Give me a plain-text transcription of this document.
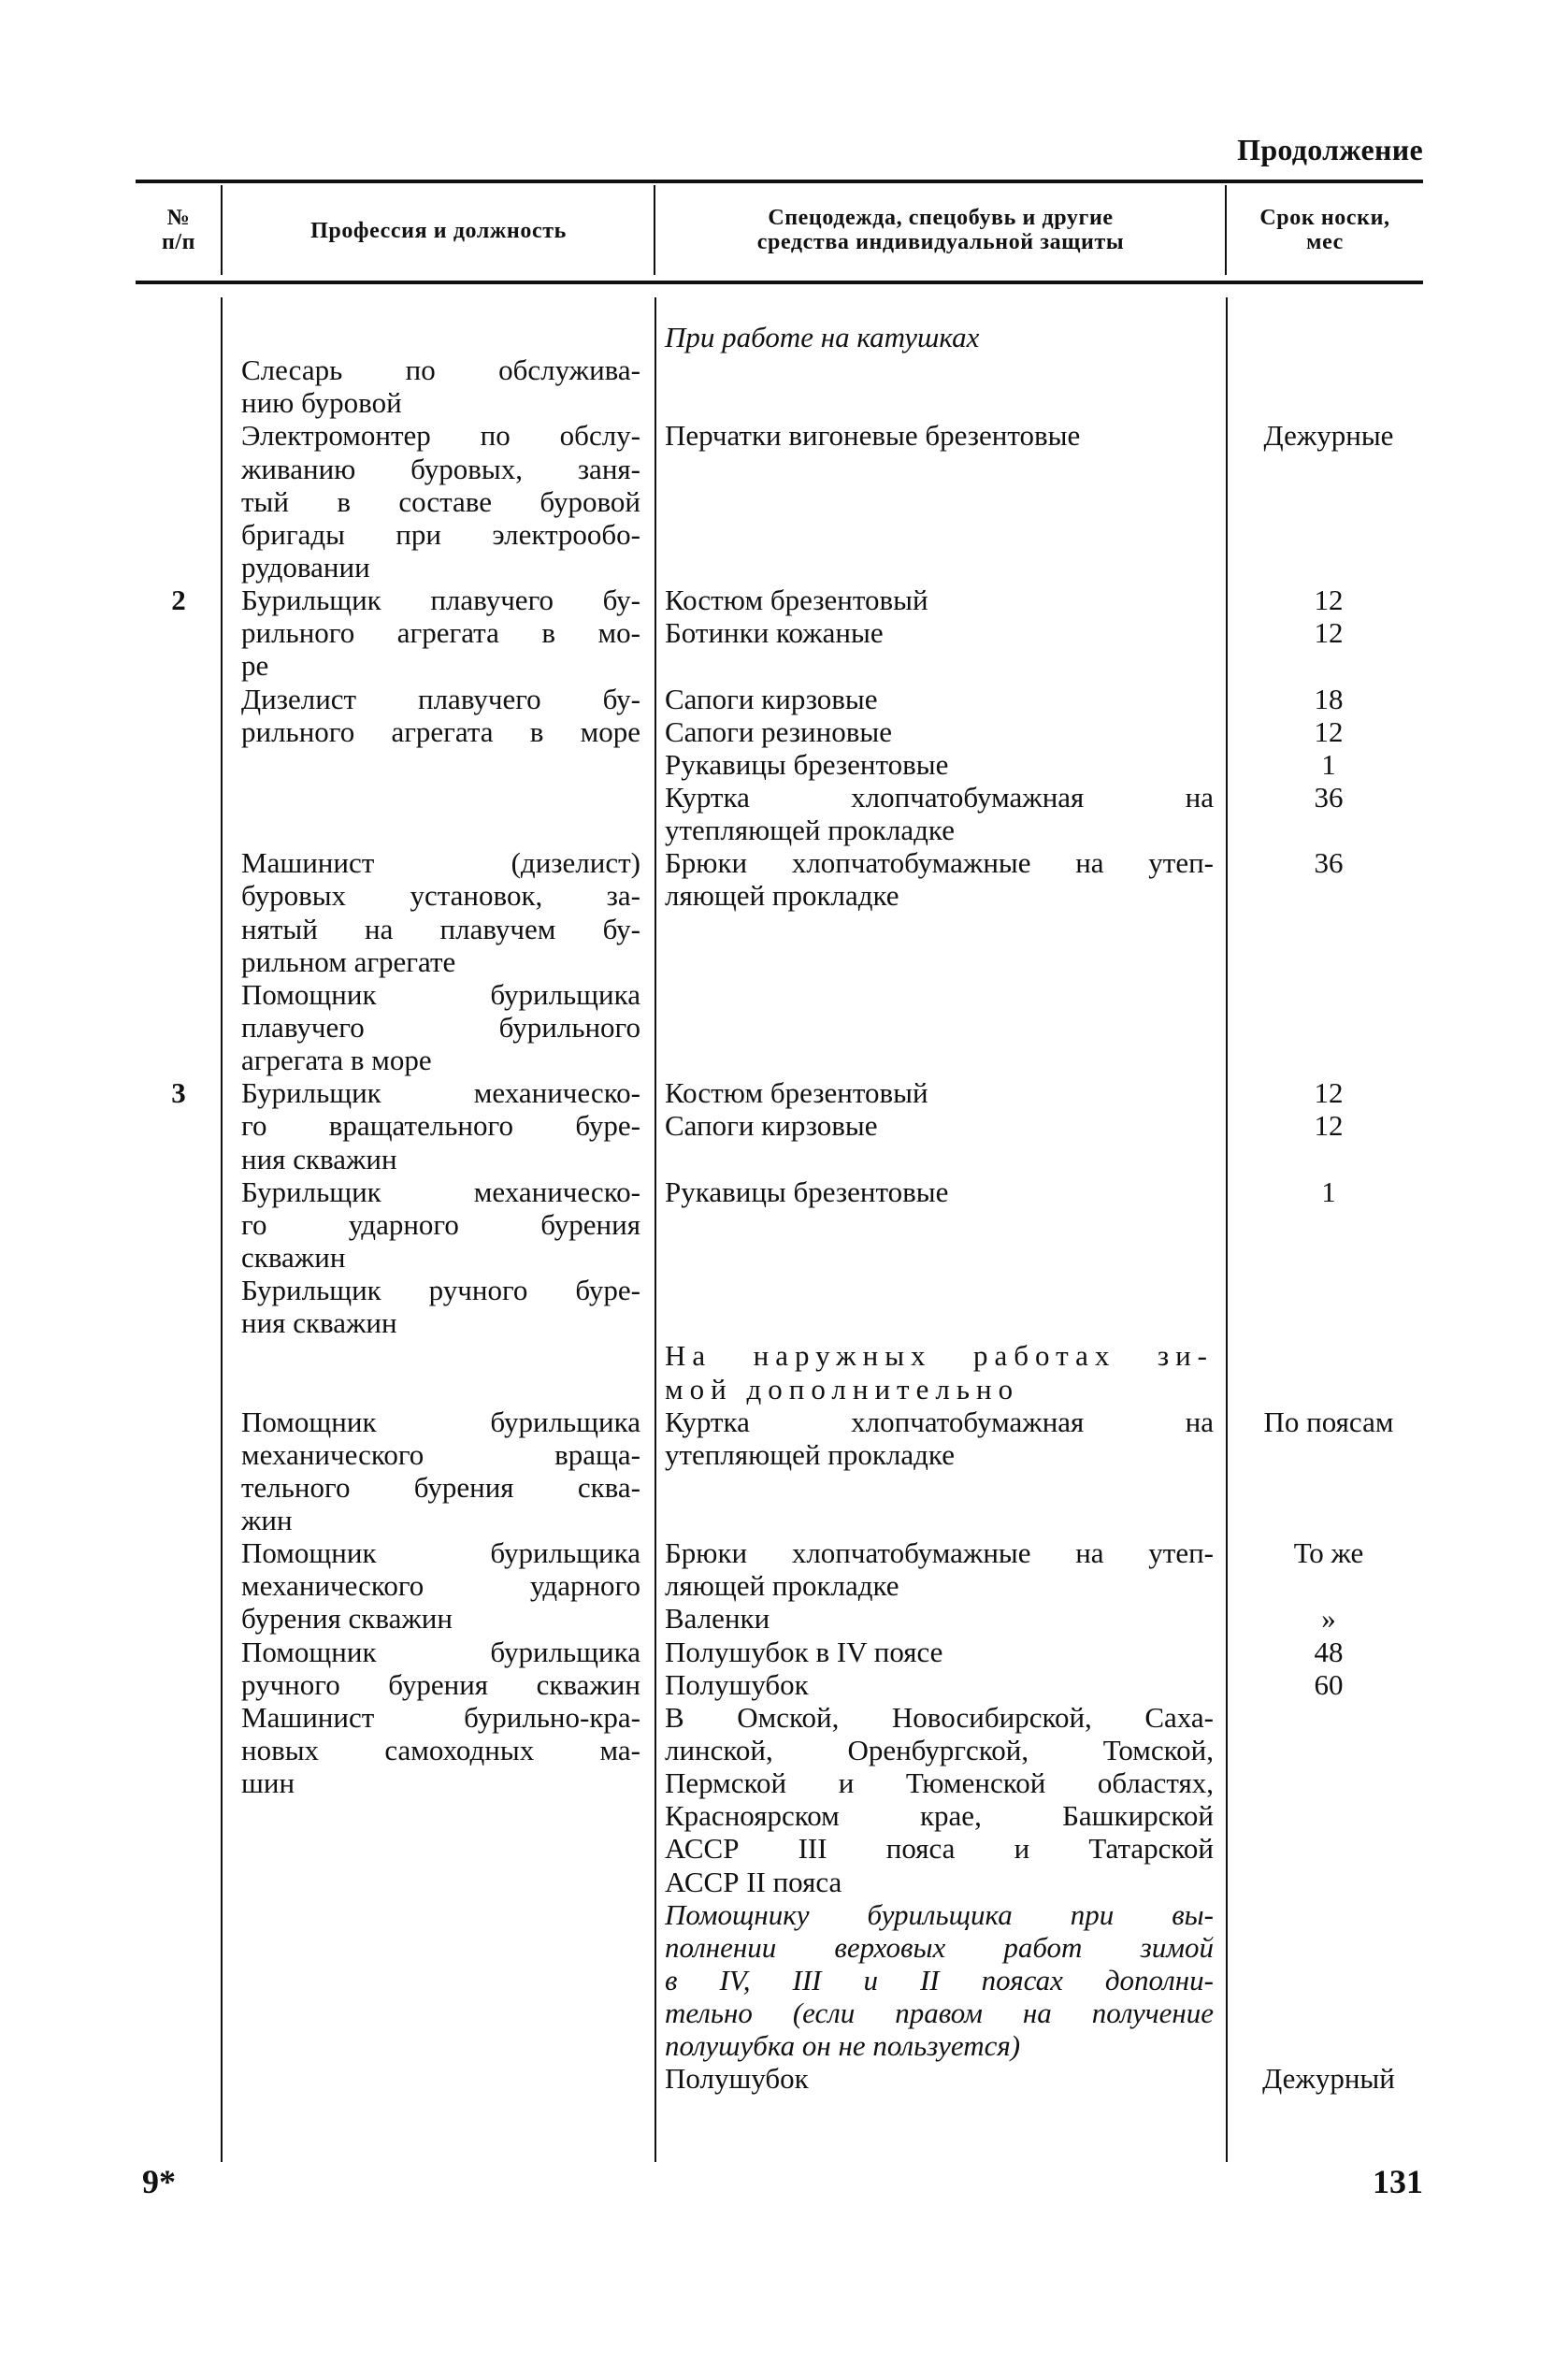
Продолжение
№
п/п	Профессия и должность
Спецодежда, спецобувь и другие
средства индивидуальной защиты
Срок носки,
мес
2
3
Слесарь по обслужива-
нию буровой
Электромонтер по обслу-
живанию буровых, заня-
тый в составе буровой
бригады при электрообо-
рудовании
Бурильщик плавучего бу-
рильного агрегата в мо-
ре
Дизелист плавучего бу-
рильного агрегата в море
Машинист (дизелист)
буровых установок, за-
нятый на плавучем бу-
рильном агрегате
Помощник бурильщика
плавучего бурильного
агрегата в море
Бурильщик механическо-
го вращательного буре-
ния скважин
Бурильщик механическо-
го ударного бурения
скважин
Бурильщик ручного буре-
ния скважин
Помощник бурильщика
механического враща-
тельного бурения сква-
жин
Помощник бурильщика
механического ударного
бурения скважин
Помощник бурильщика
ручного бурения скважин
Машинист бурильно-кра-
новых самоходных ма-
шин
При работе на катушках
Перчатки вигоневые брезентовые
Костюм брезентовый
Ботинки кожаные
Сапоги кирзовые
Сапоги резиновые
Рукавицы брезентовые
Куртка хлопчатобумажная на
утепляющей прокладке
Брюки хлопчатобумажные на утеп-
ляющей прокладке
Костюм брезентовый
Сапоги кирзовые
Рукавицы брезентовые
На наружных работах зи-
мой дополнительно
Куртка хлопчатобумажная на
утепляющей прокладке
Брюки хлопчатобумажные на утеп-
ляющей прокладке
Валенки
Полушубок в IV поясе
Полушубок
В Омской, Новосибирской, Саха-
линской, Оренбургской, Томской,
Пермской и Тюменской областях,
Красноярском крае, Башкирской
АССР III пояса и Татарской
АССР II пояса
Помощнику бурильщика при вы-
полнении верховых работ зимой
в IV, III и II поясах дополни-
тельно (если правом на получение
полушубка он не пользуется)
Полушубок
Дежурные
12
12
18
12
1
36
36
12
12
1
По поясам
То же
»
48
60
Дежурный
9*	131
